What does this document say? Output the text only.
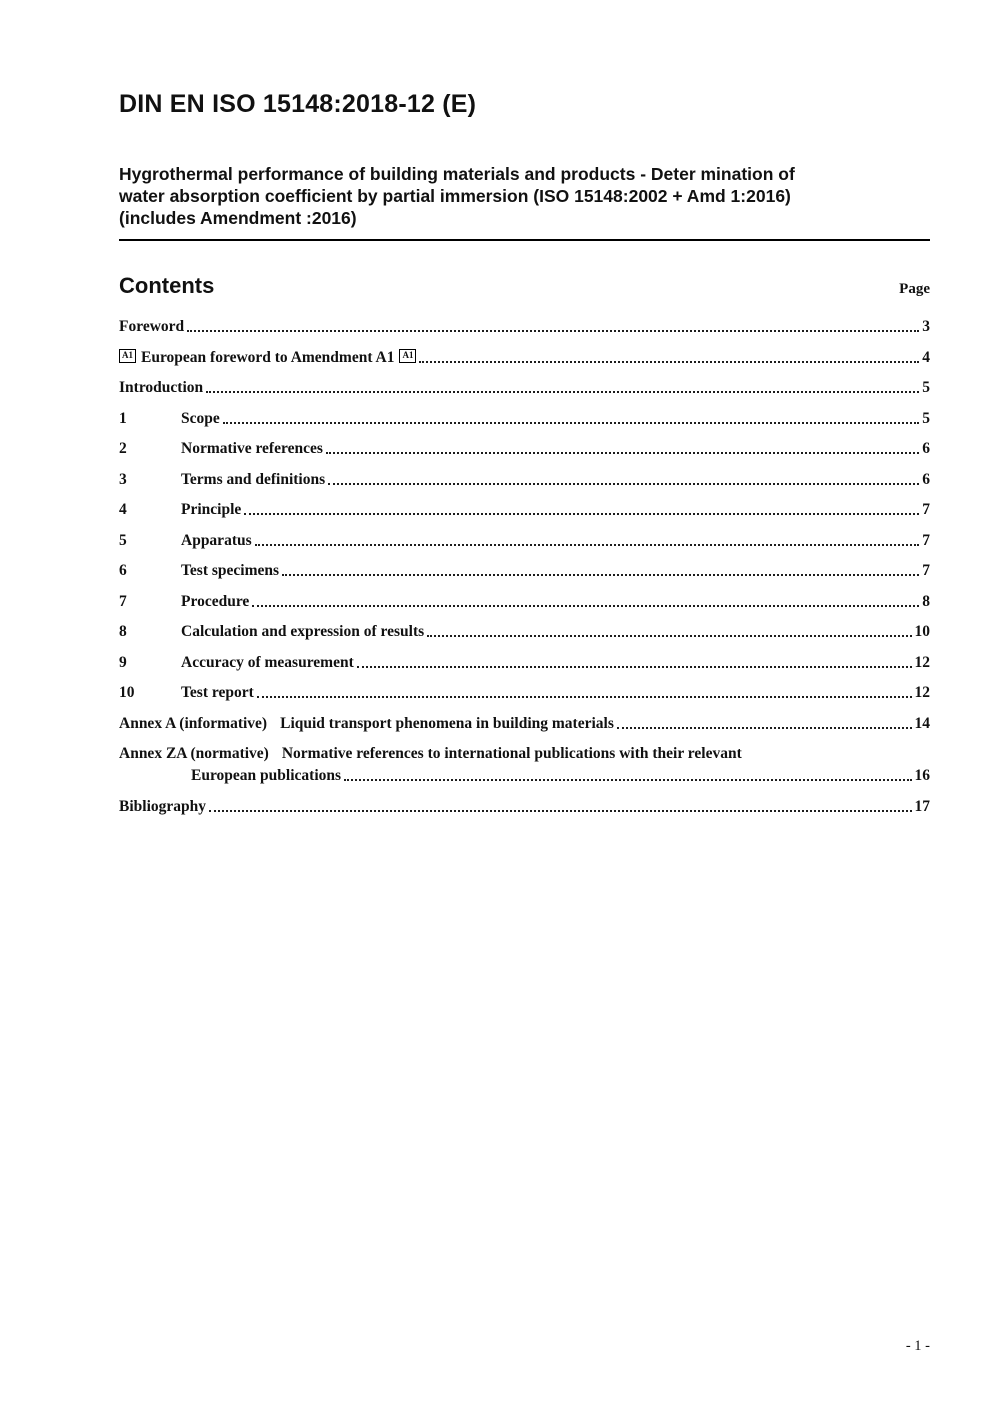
DIN EN ISO 15148:2018-12 (E)
Hygrothermal performance of building materials and products - Deter mination of
water absorption coefficient by partial immersion (ISO 15148:2002 + Amd 1:2016)
(includes Amendment :2016)
Contents	Page
Foreword	3
A1 European foreword to Amendment A1 A1	4
Introduction	5
1	Scope	5
2	Normative references	6
3	Terms and definitions	6
4	Principle	7
5	Apparatus	7
6	Test specimens	7
7	Procedure	8
8	Calculation and expression of results	10
9	Accuracy of measurement	12
10	Test report	12
Annex A (informative) Liquid transport phenomena in building materials	14
Annex ZA (normative) Normative references to international publications with their relevant
European publications	16
Bibliography	17
- 1 -
